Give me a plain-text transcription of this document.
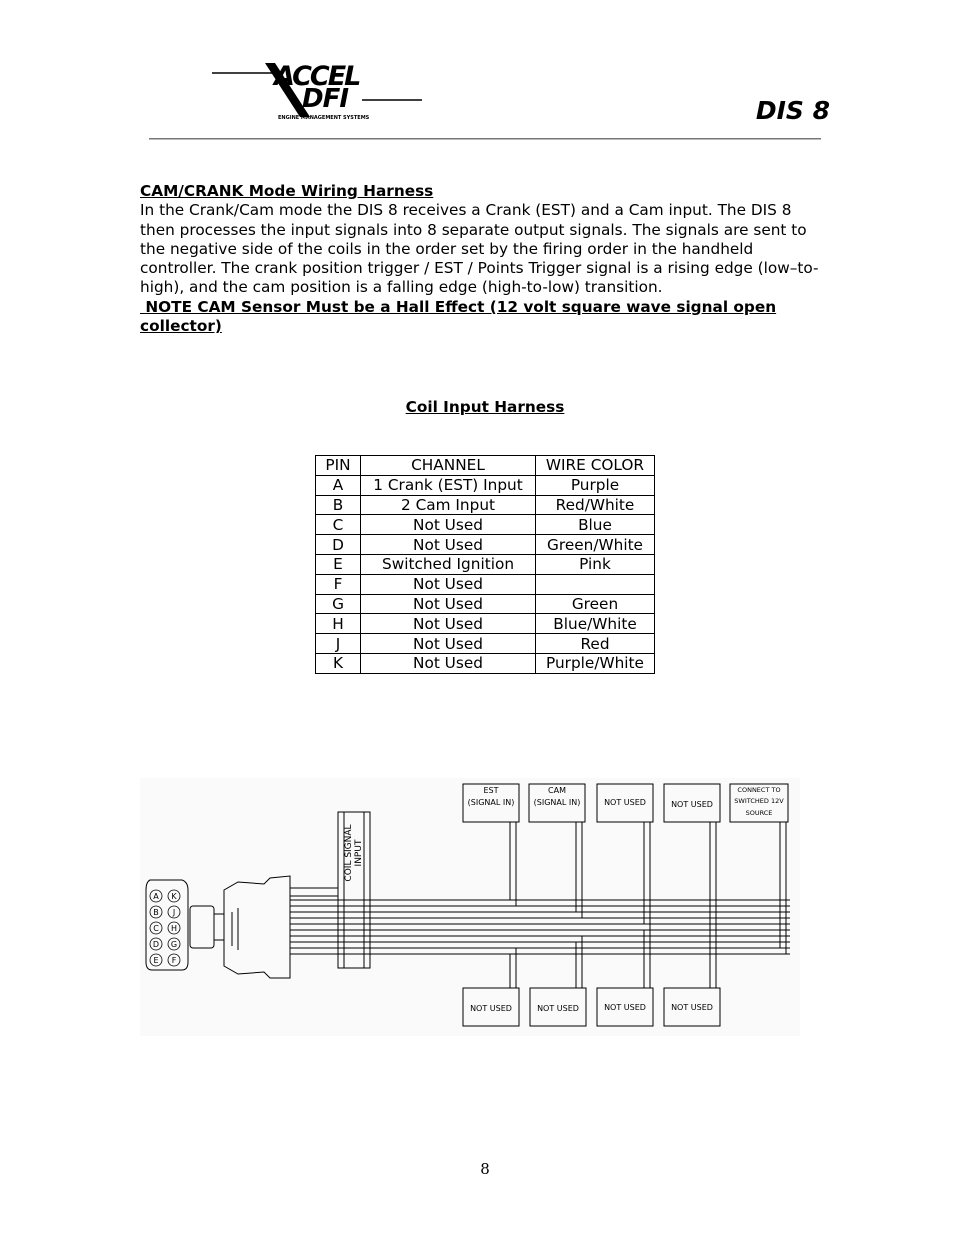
ACCEL
DFI
ENGINE MANAGEMENT SYSTEMS	DIS 8
CAM/CRANK Mode Wiring Harness

In the Crank/Cam mode the DIS 8 receives a Crank (EST) and a Cam input. The DIS 8 then processes the input signals into 8 separate output signals. The signals are sent to the negative side of the coils in the order set by the firing order in the handheld controller. The crank position trigger / EST / Points Trigger signal is a rising edge (low–to-high), and the cam position is a falling edge (high-to-low) transition.

NOTE CAM Sensor Must be a Hall Effect (12 volt square wave signal open collector)

Coil Input Harness
PIN	CHANNEL	WIRE COLOR
A	1 Crank (EST) Input	Purple
B	2 Cam Input	Red/White
C	Not Used	Blue
D	Not Used	Green/White
E	Switched Ignition	Pink
F	Not Used	
G	Not Used	Green
H	Not Used	Blue/White
J	Not Used	Red
K	Not Used	Purple/White
A
B
C
D
E
K
J
H
G
F
COIL SIGNAL INPUT
EST
(SIGNAL IN)
CAM
(SIGNAL IN)	NOT USED	NOT USED
CONNECT TO
SWITCHED 12V
SOURCE
NOT USED	NOT USED	NOT USED	NOT USED
8
